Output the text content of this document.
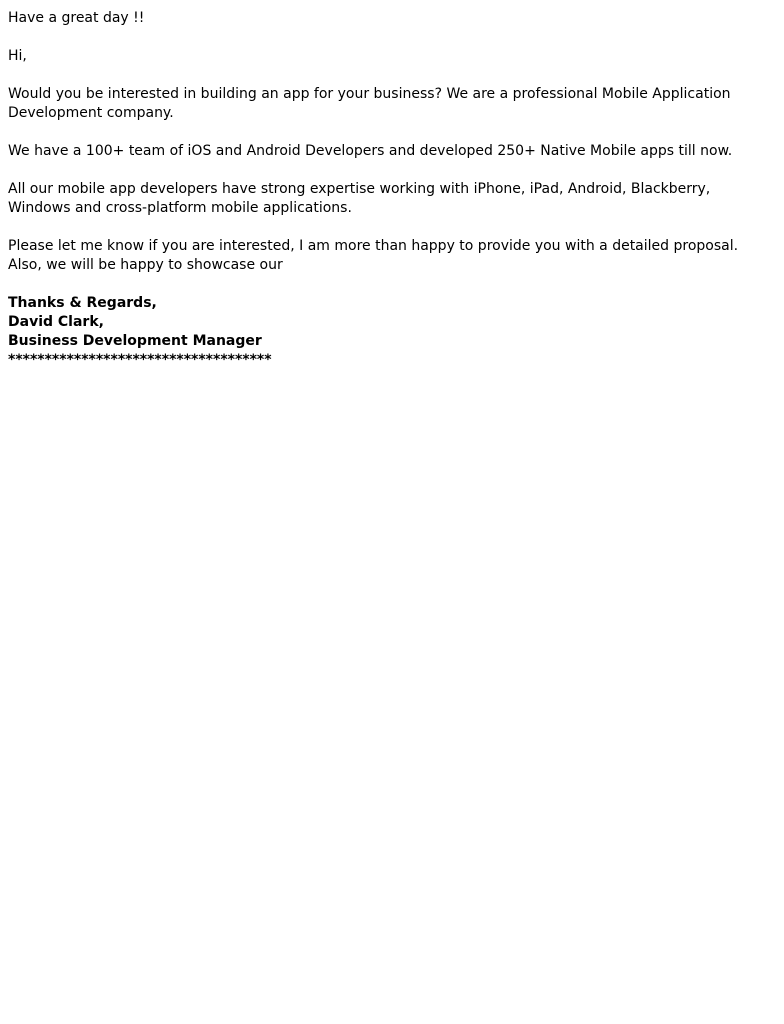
Have a great day !!

Hi,

Would you be interested in building an app for your business? We are a professional Mobile Application Development company.

We have a 100+ team of iOS and Android Developers and developed 250+ Native Mobile apps till now.

All our mobile app developers have strong expertise working with iPhone, iPad, Android, Blackberry, Windows and cross-platform mobile applications.

Please let me know if you are interested, I am more than happy to provide you with a detailed proposal. Also, we will be happy to showcase our

Thanks & Regards,

David Clark,

Business Development Manager

************************************
